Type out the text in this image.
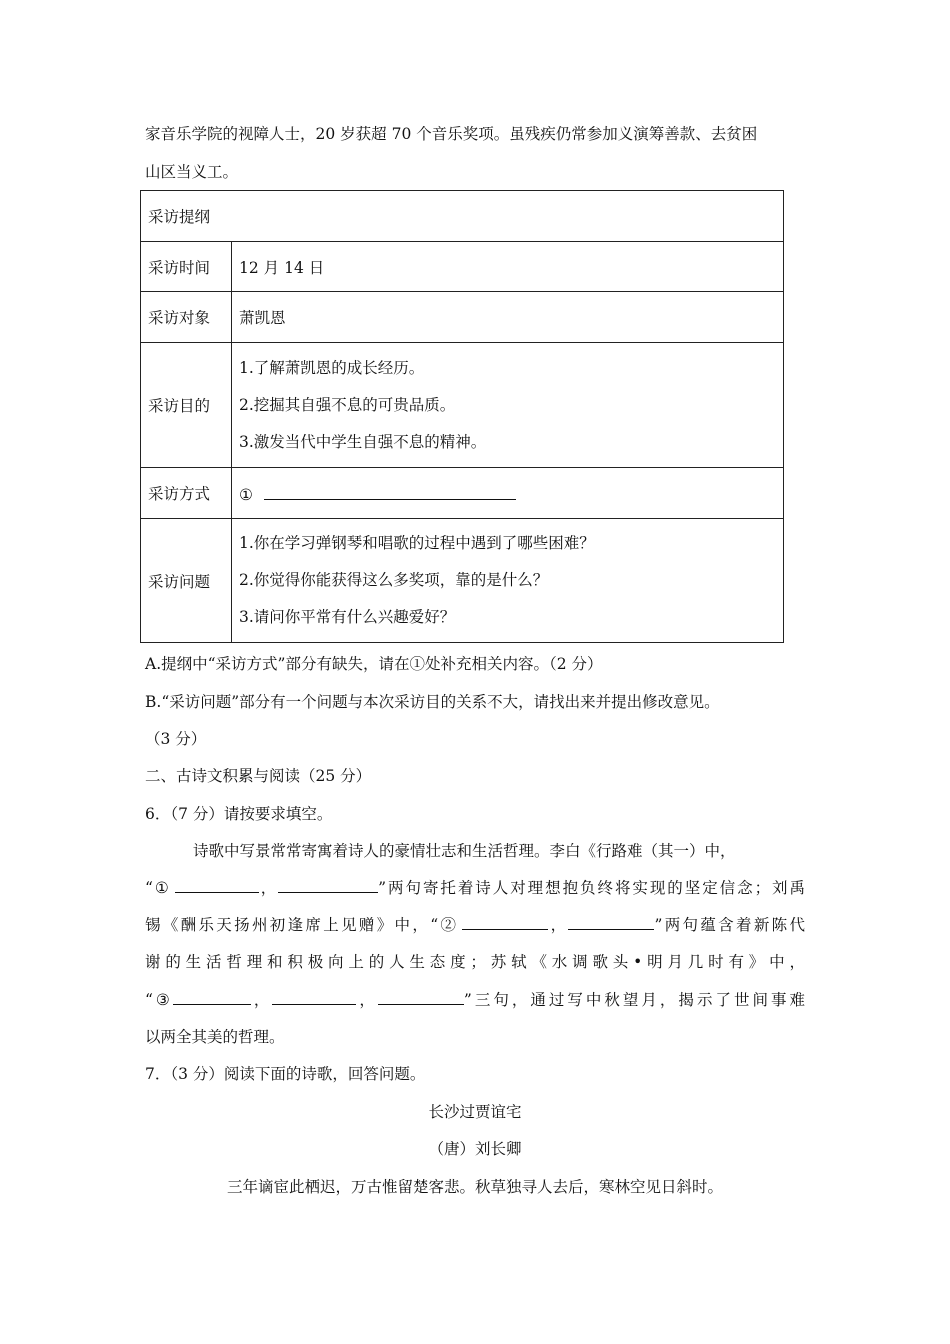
家音乐学院的视障人士，20 岁获超 70 个音乐奖项。虽残疾仍常参加义演筹善款、去贫困
山区当义工。
采访提纲	
采访时间	12 月 14 日
采访对象	萧凯恩
采访目的	1.了解萧凯恩的成长经历。
2.挖掘其自强不息的可贵品质。
3.激发当代中学生自强不息的精神。

采访方式	①
采访问题	1.你在学习弹钢琴和唱歌的过程中遇到了哪些困难？
2.你觉得你能获得这么多奖项，靠的是什么？
3.请问你平常有什么兴趣爱好？
A.提纲中“采访方式”部分有缺失，请在①处补充相关内容。（2 分）
B.“采访问题”部分有一个问题与本次采访目的关系不大，请找出来并提出修改意见。
（3 分）
二、古诗文积累与阅读（25 分）
6．（7 分）请按要求填空。
诗歌中写景常常寄寓着诗人的豪情壮志和生活哲理。李白《行路难（其一）中，
“①	，	”两句寄托着诗人对理想抱负终将实现的坚定信念；刘禹
锡《酬乐天扬州初逢席上见赠》中，“②	，	”两句蕴含着新陈代
谢的生活哲理和积极向上的人生态度；苏轼《水调歌头•明月几时有》中，
“③	，	，	”三句，通过写中秋望月，揭示了世间事难
以两全其美的哲理。
7．（3 分）阅读下面的诗歌，回答问题。
长沙过贾谊宅
（唐）刘长卿
三年谪宦此栖迟，万古惟留楚客悲。秋草独寻人去后，寒林空见日斜时。
